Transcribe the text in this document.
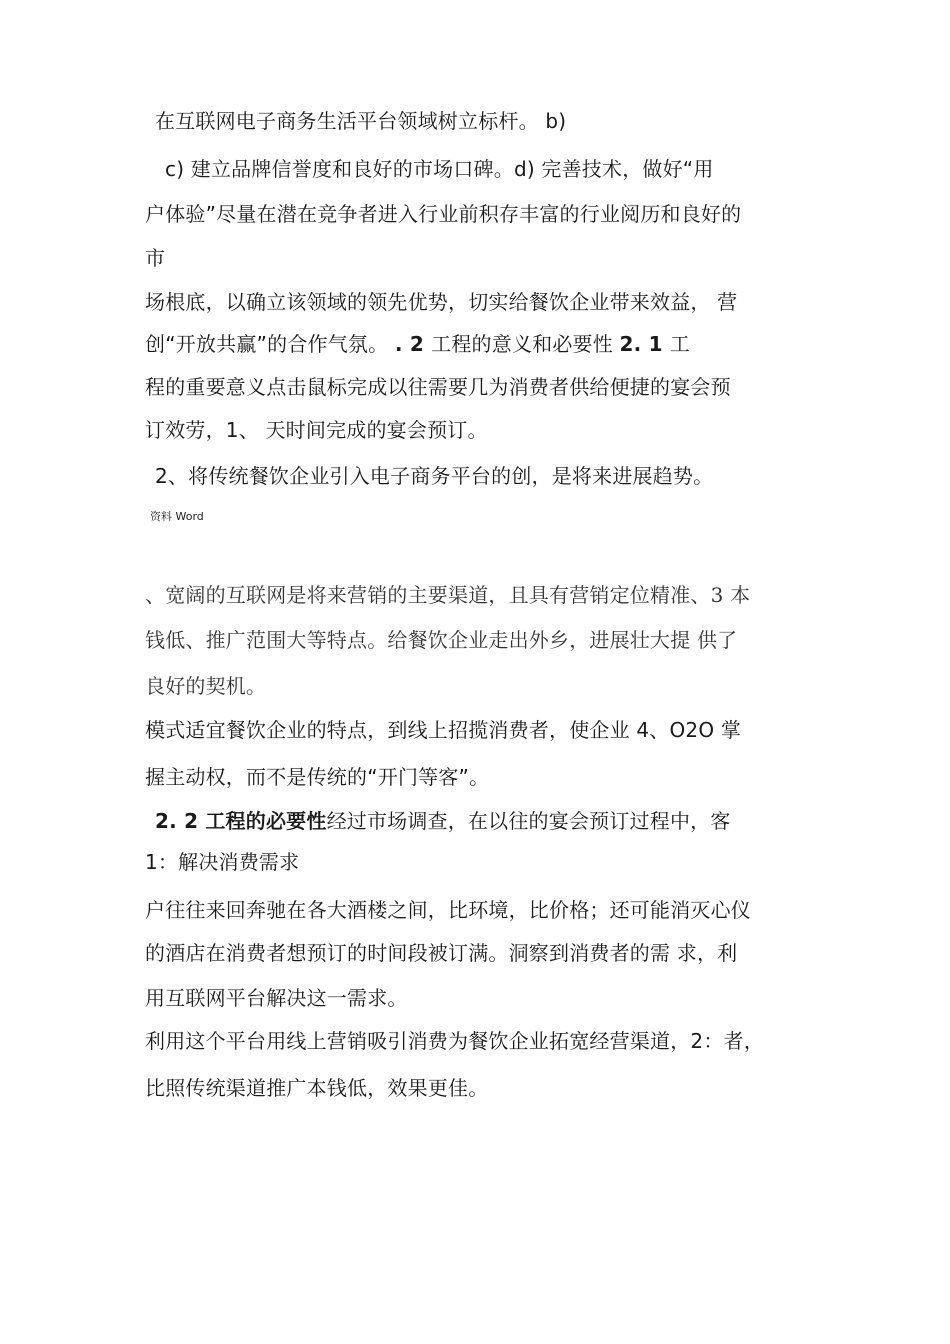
在互联网电子商务生活平台领域树立标杆。 b)
c) 建立品牌信誉度和良好的市场口碑。d) 完善技术，做好“用
户体验”尽量在潜在竞争者进入行业前积存丰富的行业阅历和良好的
市
场根底，以确立该领域的领先优势，切实给餐饮企业带来效益， 营
创“开放共赢”的合作气氛。 . 2 工程的意义和必要性 2. 1 工
程的重要意义点击鼠标完成以往需要几为消费者供给便捷的宴会预
订效劳，1、 天时间完成的宴会预订。
2、将传统餐饮企业引入电子商务平台的创，是将来进展趋势。
资料 Word
、宽阔的互联网是将来营销的主要渠道，且具有营销定位精准、3 本
钱低、推广范围大等特点。给餐饮企业走出外乡，进展壮大提 供了
良好的契机。
模式适宜餐饮企业的特点，到线上招揽消费者，使企业 4、O2O 掌
握主动权，而不是传统的“开门等客”。
2. 2 工程的必要性经过市场调查，在以往的宴会预订过程中，客
1：解决消费需求
户往往来回奔驰在各大酒楼之间，比环境，比价格；还可能消灭心仪
的酒店在消费者想预订的时间段被订满。洞察到消费者的需 求，利
用互联网平台解决这一需求。
利用这个平台用线上营销吸引消费为餐饮企业拓宽经营渠道，2：者，
比照传统渠道推广本钱低，效果更佳。
